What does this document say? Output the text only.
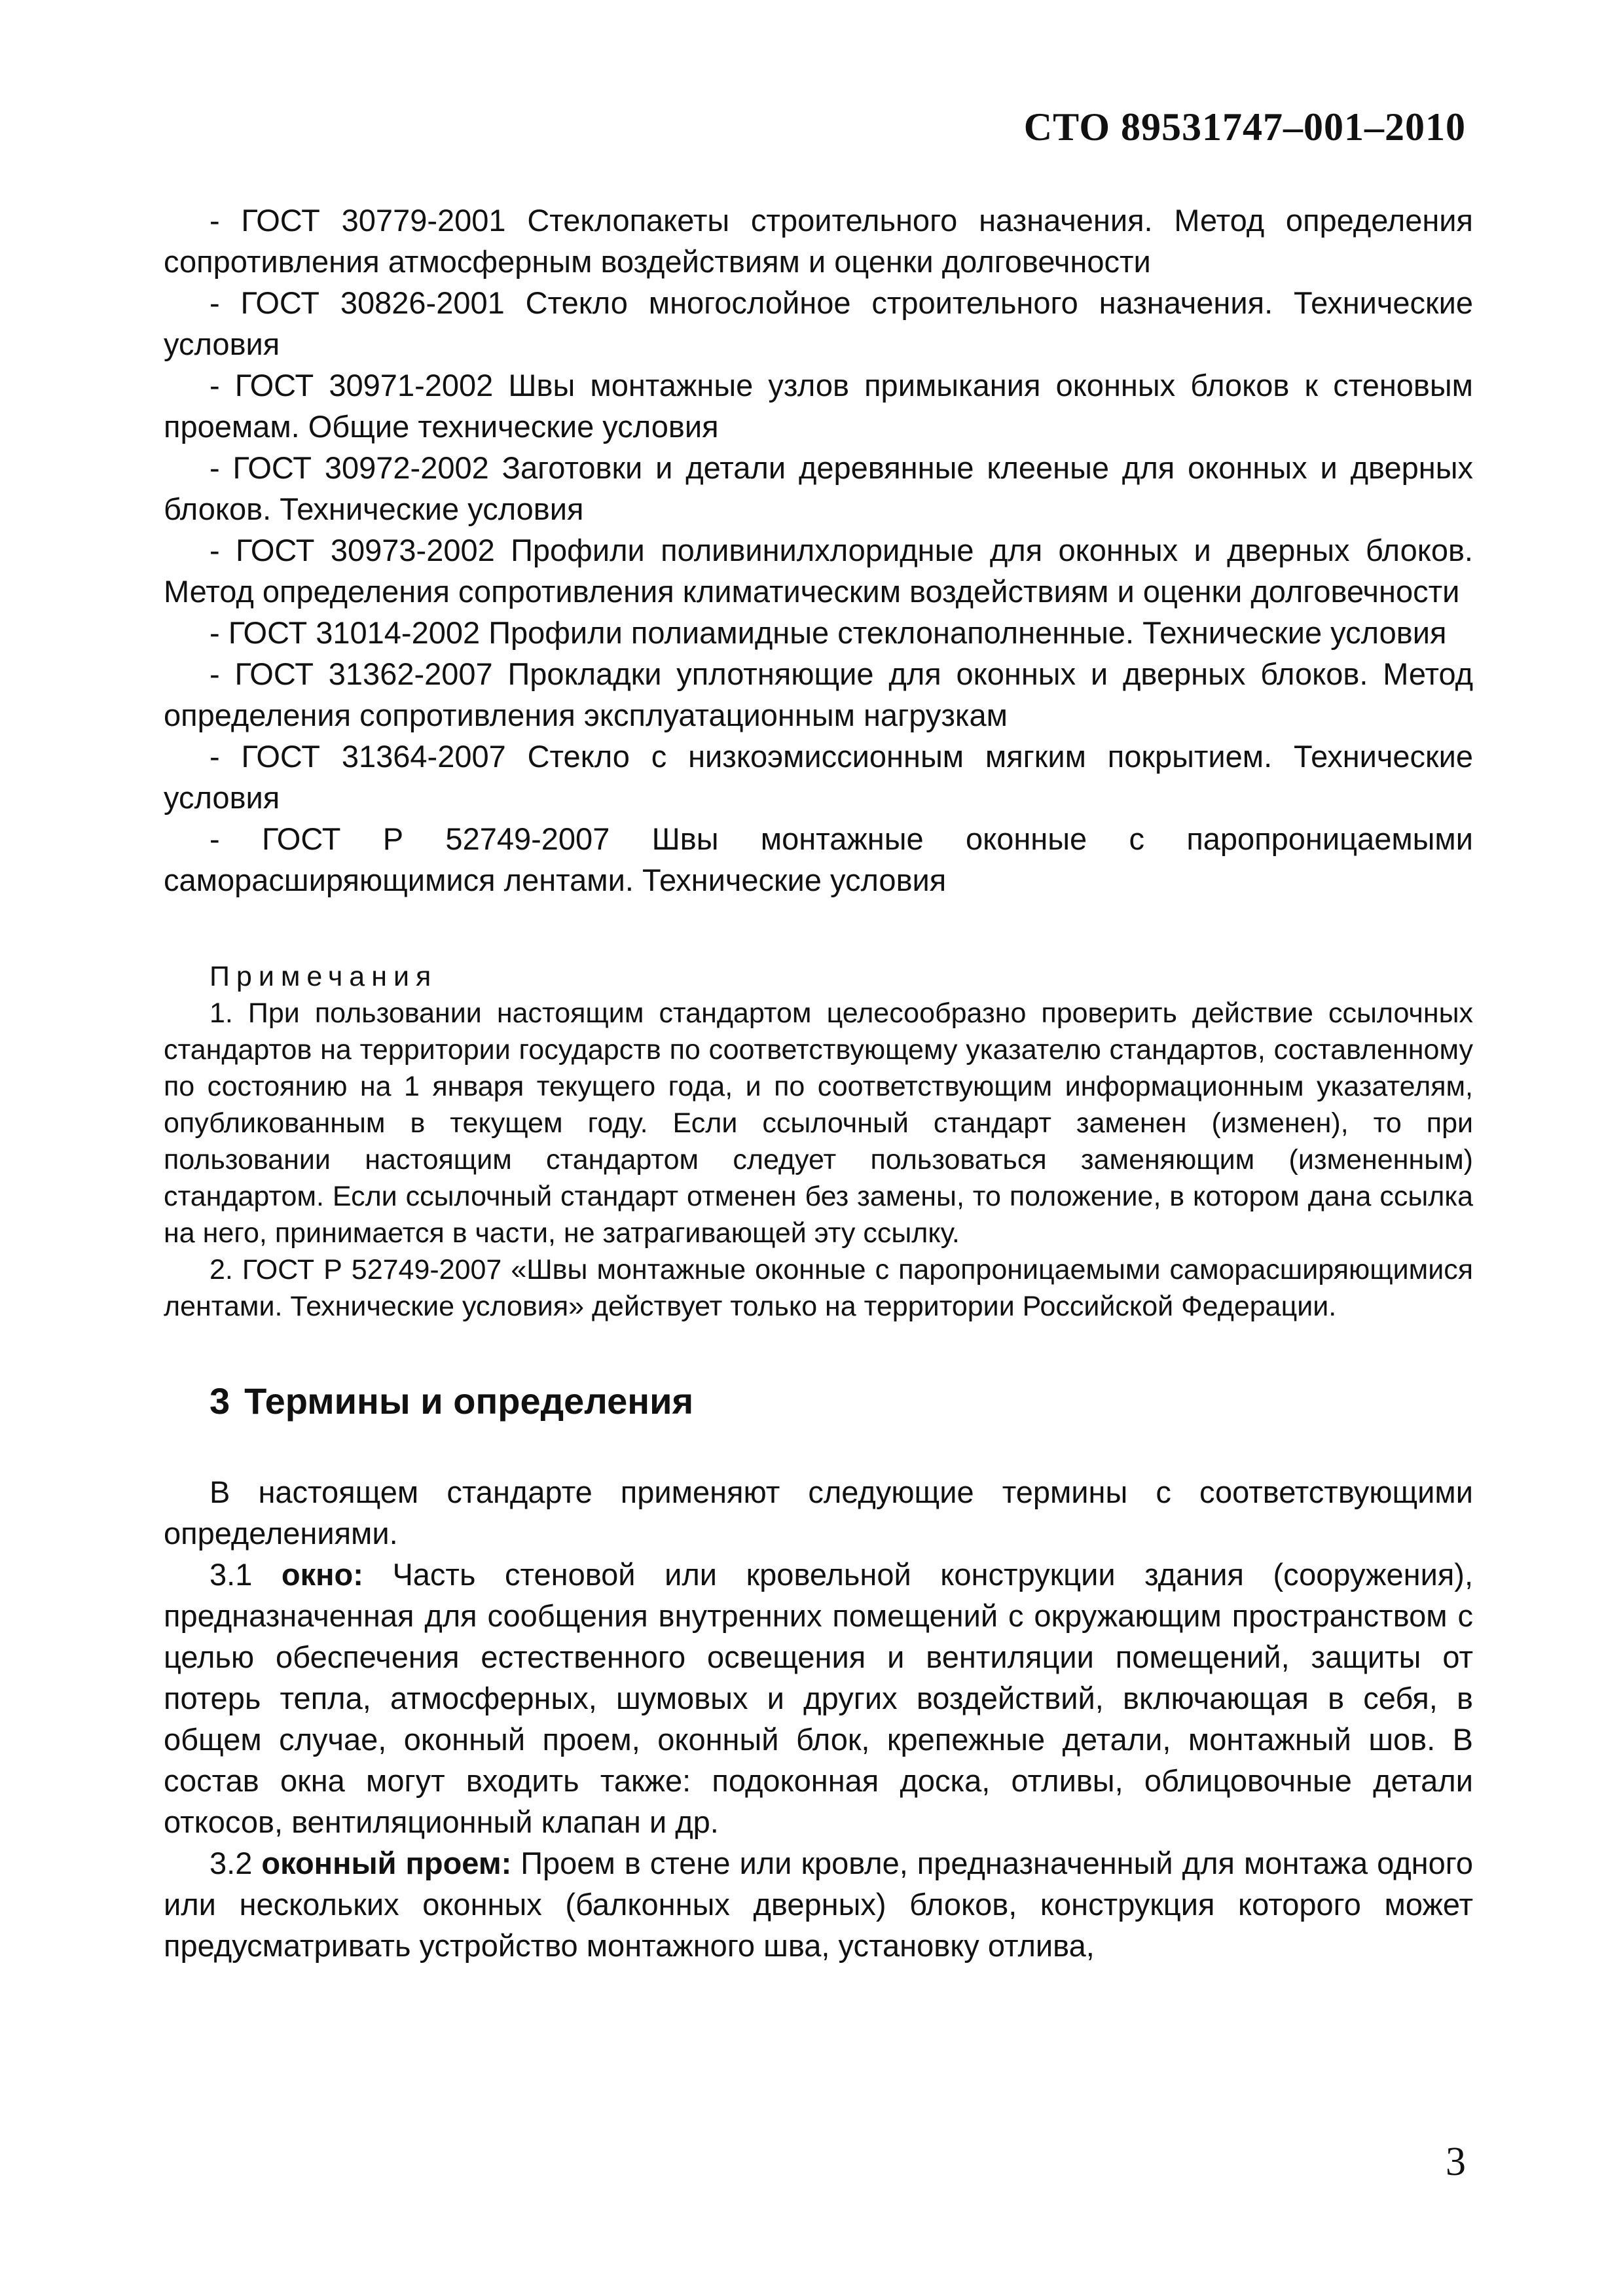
СТО 89531747–001–2010

- ГОСТ 30779-2001 Стеклопакеты строительного назначения. Метод определения сопротивления атмосферным воздействиям и оценки долговечности

- ГОСТ 30826-2001 Стекло многослойное строительного назначения. Технические условия

- ГОСТ 30971-2002 Швы монтажные узлов примыкания оконных блоков к стеновым проемам. Общие технические условия

- ГОСТ 30972-2002 Заготовки и детали деревянные клееные для оконных и дверных блоков. Технические условия

- ГОСТ 30973-2002 Профили поливинилхлоридные для оконных и дверных блоков. Метод определения сопротивления климатическим воздействиям и оценки долговечности

- ГОСТ 31014-2002 Профили полиамидные стеклонаполненные. Технические условия

- ГОСТ 31362-2007 Прокладки уплотняющие для оконных и дверных блоков. Метод определения сопротивления эксплуатационным нагрузкам

- ГОСТ 31364-2007 Стекло с низкоэмиссионным мягким покрытием. Технические условия

- ГОСТ Р 52749-2007 Швы монтажные оконные с паропроницаемыми саморасширяющимися лентами. Технические условия

Примечания

1. При пользовании настоящим стандартом целесообразно проверить действие ссылочных стандартов на территории государств по соответствующему указателю стандартов, составленному по состоянию на 1 января текущего года, и по соответствующим информационным указателям, опубликованным в текущем году. Если ссылочный стандарт заменен (изменен), то при пользовании настоящим стандартом следует пользоваться заменяющим (измененным) стандартом. Если ссылочный стандарт отменен без замены, то положение, в котором дана ссылка на него, принимается в части, не затрагивающей эту ссылку.

2. ГОСТ Р 52749-2007 «Швы монтажные оконные с паропроницаемыми саморасширяющимися лентами. Технические условия» действует только на территории Российской Федерации.

3 Термины и определения

В настоящем стандарте применяют следующие термины с соответствующими определениями.

3.1 окно: Часть стеновой или кровельной конструкции здания (сооружения), предназначенная для сообщения внутренних помещений с окружающим пространством с целью обеспечения естественного освещения и вентиляции помещений, защиты от потерь тепла, атмосферных, шумовых и других воздействий, включающая в себя, в общем случае, оконный проем, оконный блок, крепежные детали, монтажный шов. В состав окна могут входить также: подоконная доска, отливы, облицовочные детали откосов, вентиляционный клапан и др.

3.2 оконный проем: Проем в стене или кровле, предназначенный для монтажа одного или нескольких оконных (балконных дверных) блоков, конструкция которого может предусматривать устройство монтажного шва, установку отлива,

3
